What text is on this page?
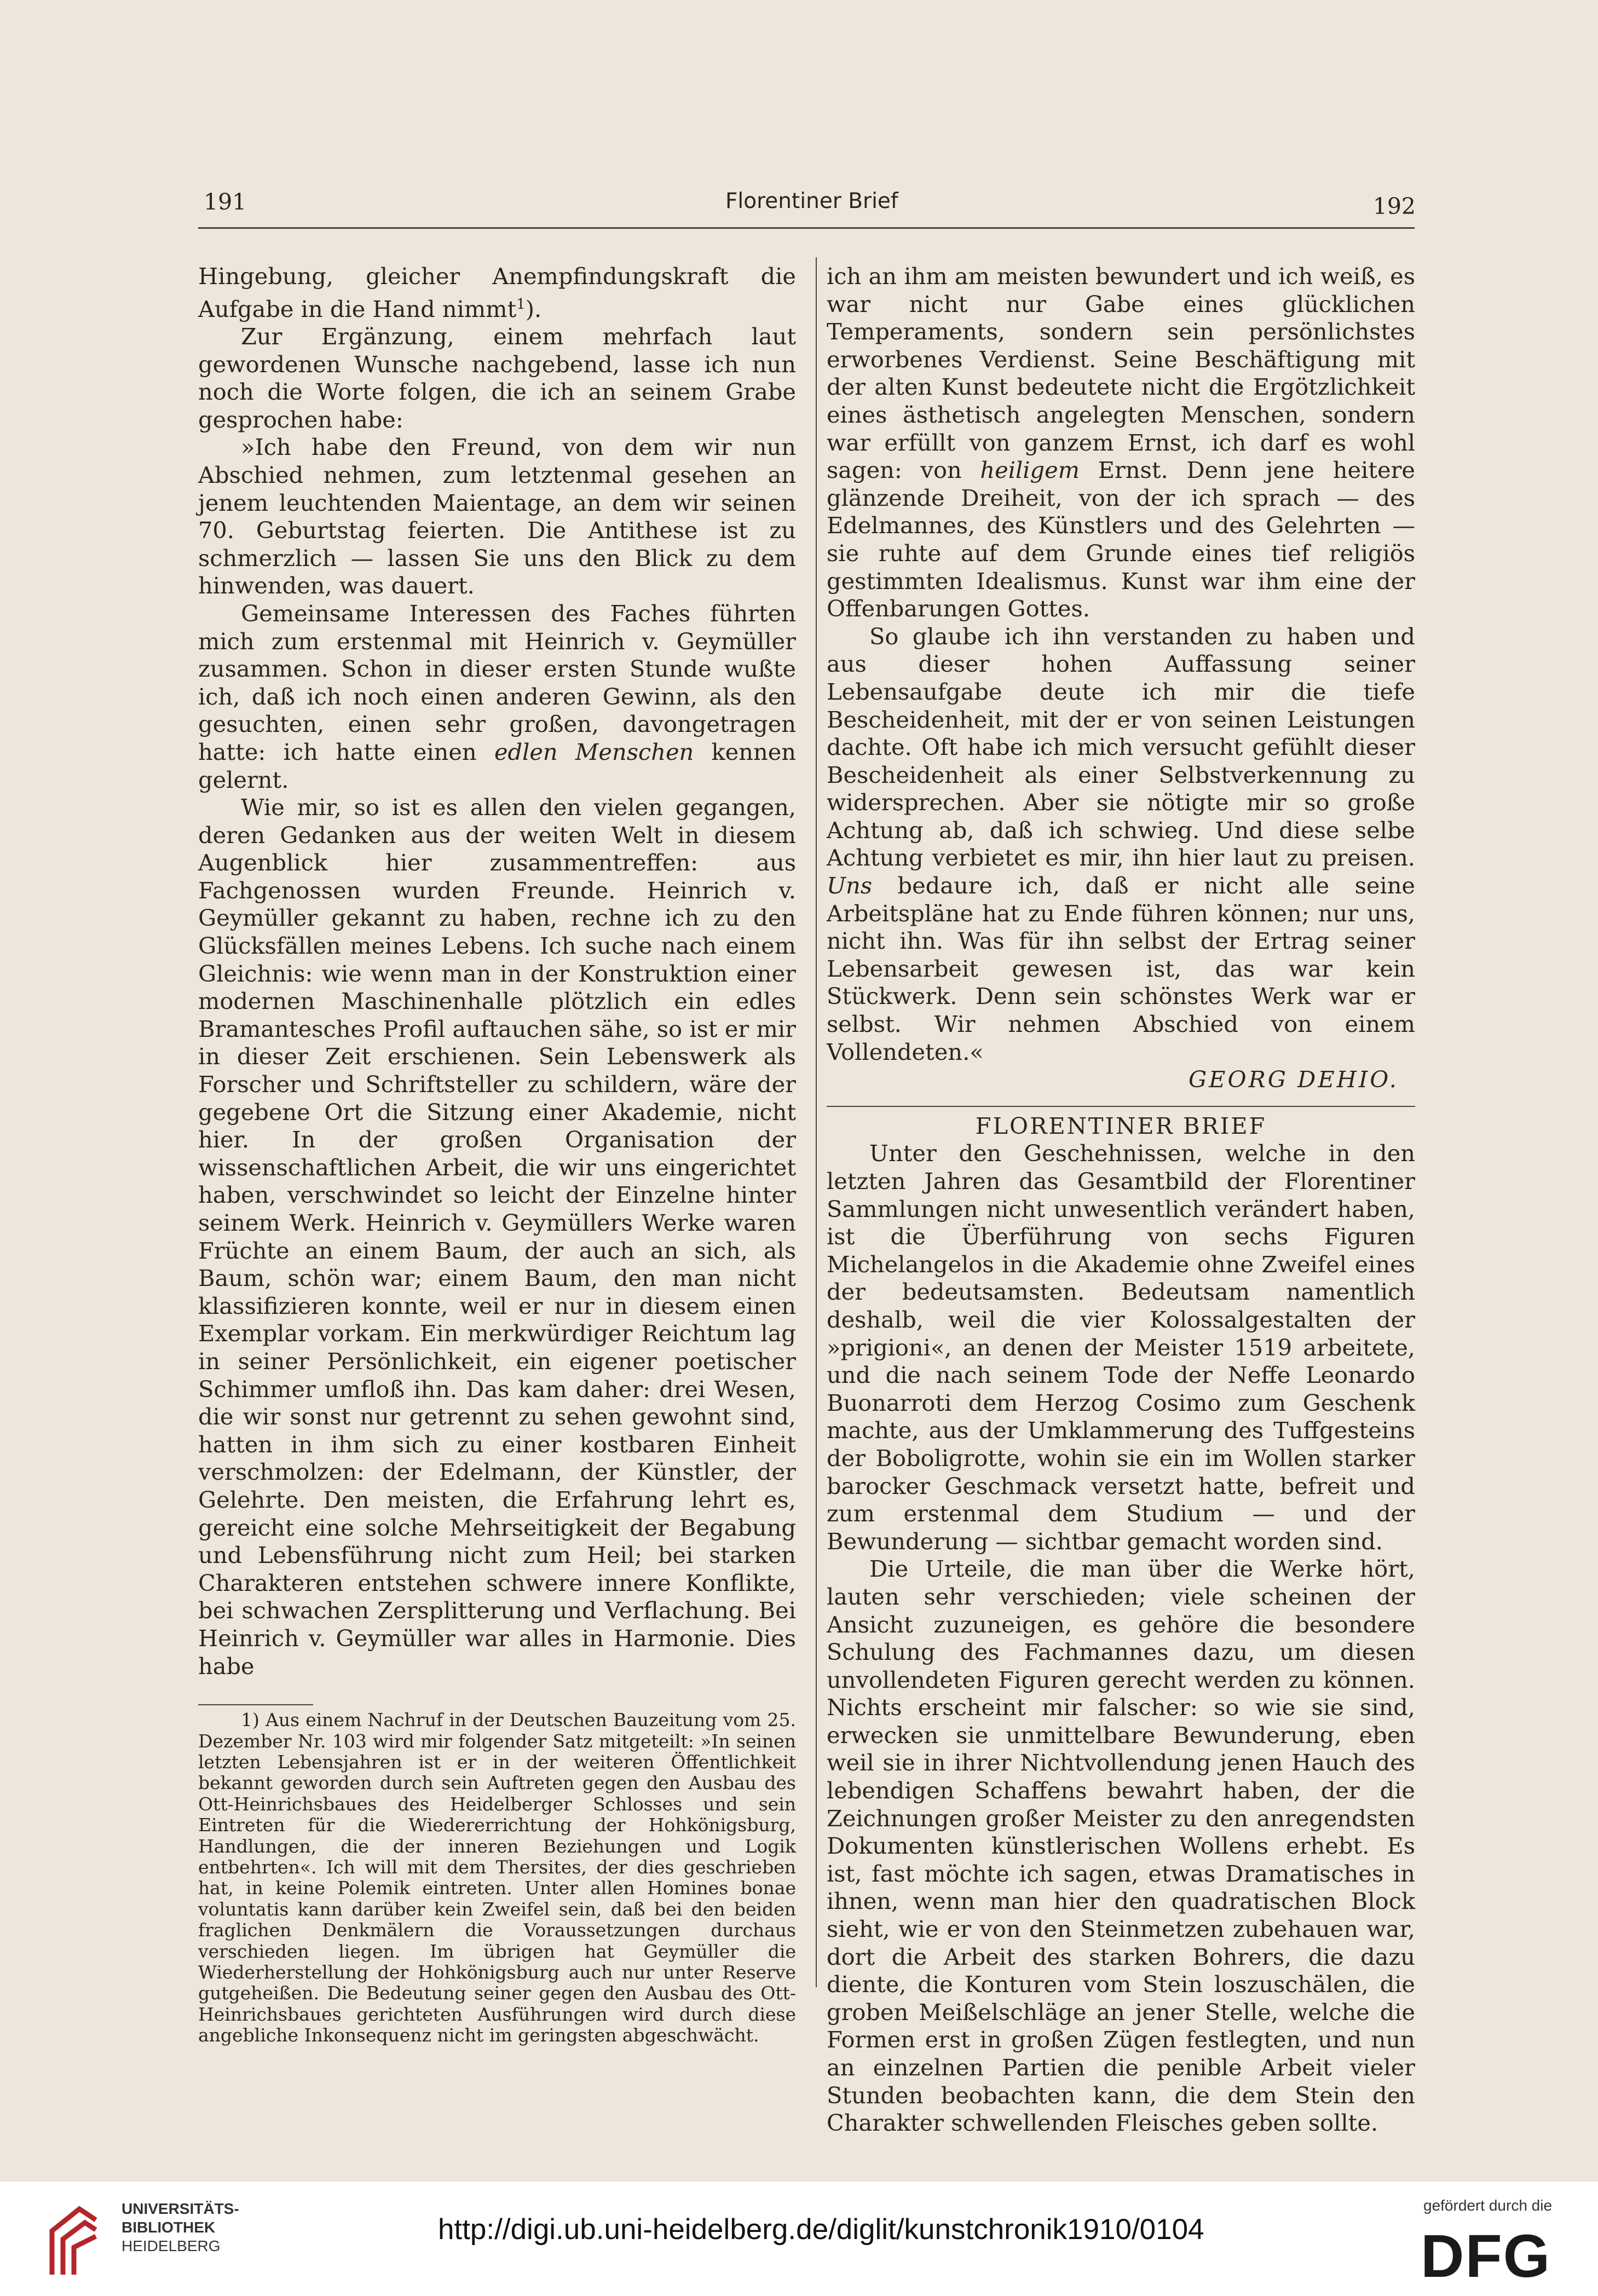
191	Florentiner Brief	192

Hingebung, gleicher Anempfindungskraft die Aufgabe in die Hand nimmt$^1$).

Zur Ergänzung, einem mehrfach laut gewordenen Wunsche nachgebend, lasse ich nun noch die Worte folgen, die ich an seinem Grabe gesprochen habe:

»Ich habe den Freund, von dem wir nun Abschied nehmen, zum letztenmal gesehen an jenem leuchtenden Maientage, an dem wir seinen 70. Geburtstag feierten. Die Antithese ist zu schmerzlich — lassen Sie uns den Blick zu dem hinwenden, was dauert.

Gemeinsame Interessen des Faches führten mich zum erstenmal mit Heinrich v. Geymüller zusammen. Schon in dieser ersten Stunde wußte ich, daß ich noch einen anderen Gewinn, als den gesuchten, einen sehr großen, davongetragen hatte: ich hatte einen edlen Menschen kennen gelernt.

Wie mir, so ist es allen den vielen gegangen, deren Gedanken aus der weiten Welt in diesem Augenblick hier zusammentreffen: aus Fachgenossen wurden Freunde. Heinrich v. Geymüller gekannt zu haben, rechne ich zu den Glücksfällen meines Lebens. Ich suche nach einem Gleichnis: wie wenn man in der Konstruktion einer modernen Maschinenhalle plötzlich ein edles Bramantesches Profil auftauchen sähe, so ist er mir in dieser Zeit erschienen. Sein Lebenswerk als Forscher und Schriftsteller zu schildern, wäre der gegebene Ort die Sitzung einer Akademie, nicht hier. In der großen Organisation der wissenschaftlichen Arbeit, die wir uns eingerichtet haben, verschwindet so leicht der Einzelne hinter seinem Werk. Heinrich v. Geymüllers Werke waren Früchte an einem Baum, der auch an sich, als Baum, schön war; einem Baum, den man nicht klassifizieren konnte, weil er nur in diesem einen Exemplar vorkam. Ein merkwürdiger Reichtum lag in seiner Persönlichkeit, ein eigener poetischer Schimmer umfloß ihn. Das kam daher: drei Wesen, die wir sonst nur getrennt zu sehen gewohnt sind, hatten in ihm sich zu einer kostbaren Einheit verschmolzen: der Edelmann, der Künstler, der Gelehrte. Den meisten, die Erfahrung lehrt es, gereicht eine solche Mehrseitigkeit der Begabung und Lebensführung nicht zum Heil; bei starken Charakteren entstehen schwere innere Konflikte, bei schwachen Zersplitterung und Verflachung. Bei Heinrich v. Geymüller war alles in Harmonie. Dies habe

1) Aus einem Nachruf in der Deutschen Bauzeitung vom 25. Dezember Nr. 103 wird mir folgender Satz mitgeteilt: »In seinen letzten Lebensjahren ist er in der weiteren Öffentlichkeit bekannt geworden durch sein Auftreten gegen den Ausbau des Ott-Heinrichsbaues des Heidelberger Schlosses und sein Eintreten für die Wiedererrichtung der Hohkönigsburg, Handlungen, die der inneren Beziehungen und Logik entbehrten«. Ich will mit dem Thersites, der dies geschrieben hat, in keine Polemik eintreten. Unter allen Homines bonae voluntatis kann darüber kein Zweifel sein, daß bei den beiden fraglichen Denkmälern die Voraussetzungen durchaus verschieden liegen. Im übrigen hat Geymüller die Wiederherstellung der Hohkönigsburg auch nur unter Reserve gutgeheißen. Die Bedeutung seiner gegen den Ausbau des Ott-Heinrichsbaues gerichteten Ausführungen wird durch diese angebliche Inkonsequenz nicht im geringsten abgeschwächt.

ich an ihm am meisten bewundert und ich weiß, es war nicht nur Gabe eines glücklichen Temperaments, sondern sein persönlichstes erworbenes Verdienst. Seine Beschäftigung mit der alten Kunst bedeutete nicht die Ergötzlichkeit eines ästhetisch angelegten Menschen, sondern war erfüllt von ganzem Ernst, ich darf es wohl sagen: von heiligem Ernst. Denn jene heitere glänzende Dreiheit, von der ich sprach — des Edelmannes, des Künstlers und des Gelehrten — sie ruhte auf dem Grunde eines tief religiös gestimmten Idealismus. Kunst war ihm eine der Offenbarungen Gottes.

So glaube ich ihn verstanden zu haben und aus dieser hohen Auffassung seiner Lebensaufgabe deute ich mir die tiefe Bescheidenheit, mit der er von seinen Leistungen dachte. Oft habe ich mich versucht gefühlt dieser Bescheidenheit als einer Selbstverkennung zu widersprechen. Aber sie nötigte mir so große Achtung ab, daß ich schwieg. Und diese selbe Achtung verbietet es mir, ihn hier laut zu preisen. Uns bedaure ich, daß er nicht alle seine Arbeitspläne hat zu Ende führen können; nur uns, nicht ihn. Was für ihn selbst der Ertrag seiner Lebensarbeit gewesen ist, das war kein Stückwerk. Denn sein schönstes Werk war er selbst. Wir nehmen Abschied von einem Vollendeten.«

GEORG DEHIO.

FLORENTINER BRIEF

Unter den Geschehnissen, welche in den letzten Jahren das Gesamtbild der Florentiner Sammlungen nicht unwesentlich verändert haben, ist die Überführung von sechs Figuren Michelangelos in die Akademie ohne Zweifel eines der bedeutsamsten. Bedeutsam namentlich deshalb, weil die vier Kolossalgestalten der »prigioni«, an denen der Meister 1519 arbeitete, und die nach seinem Tode der Neffe Leonardo Buonarroti dem Herzog Cosimo zum Geschenk machte, aus der Umklammerung des Tuffgesteins der Boboligrotte, wohin sie ein im Wollen starker barocker Geschmack versetzt hatte, befreit und zum erstenmal dem Studium — und der Bewunderung — sichtbar gemacht worden sind.

Die Urteile, die man über die Werke hört, lauten sehr verschieden; viele scheinen der Ansicht zuzuneigen, es gehöre die besondere Schulung des Fachmannes dazu, um diesen unvollendeten Figuren gerecht werden zu können. Nichts erscheint mir falscher: so wie sie sind, erwecken sie unmittelbare Bewunderung, eben weil sie in ihrer Nichtvollendung jenen Hauch des lebendigen Schaffens bewahrt haben, der die Zeichnungen großer Meister zu den anregendsten Dokumenten künstlerischen Wollens erhebt. Es ist, fast möchte ich sagen, etwas Dramatisches in ihnen, wenn man hier den quadratischen Block sieht, wie er von den Steinmetzen zubehauen war, dort die Arbeit des starken Bohrers, die dazu diente, die Konturen vom Stein loszuschälen, die groben Meißelschläge an jener Stelle, welche die Formen erst in großen Zügen festlegten, und nun an einzelnen Partien die penible Arbeit vieler Stunden beobachten kann, die dem Stein den Charakter schwellenden Fleisches geben sollte.

UNIVERSITÄTS-
BIBLIOTHEK
HEIDELBERG
http://digi.ub.uni-heidelberg.de/diglit/kunstchronik1910/0104
gefördert durch die
DFG
